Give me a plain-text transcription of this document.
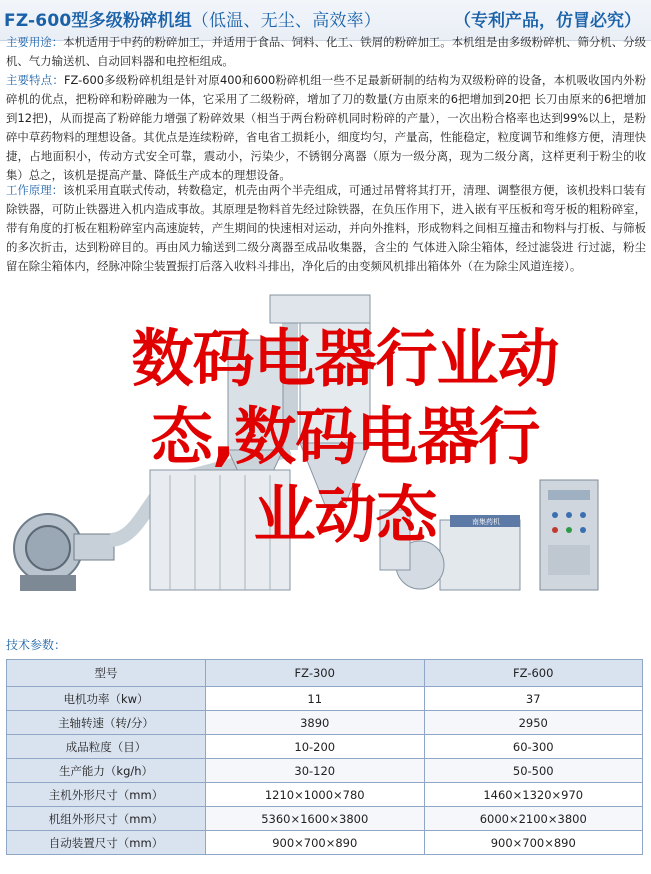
FZ-600型多级粉碎机组（低温、无尘、高效率）	（专利产品，仿冒必究）
主要用途：本机适用于中药的粉碎加工，并适用于食品、饲料、化工、铁屑的粉碎加工。本机组是由多级粉碎机、筛分机、分级机、气力输送机、自动回料器和电控柜组成。
主要特点：FZ-600多级粉碎机组是针对原400和600粉碎机组一些不足最新研制的结构为双级粉碎的设备，本机吸收国内外粉碎机的优点，把粉碎和粉碎融为一体，它采用了二级粉碎，增加了刀的数量(方由原来的6把增加到20把 长刀由原来的6把增加到12把)，从而提高了粉碎能力增强了粉碎效果（相当于两台粉碎机同时粉碎的产量），一次出粉合格率也达到99%以上，是粉碎中草药物料的理想设备。其优点是连续粉碎，省电省工损耗小，细度均匀，产量高，性能稳定，粒度调节和维修方便，清理快捷，占地面积小，传动方式安全可靠，震动小，污染少，不锈钢分离器（原为一级分离，现为二级分离，这样更利于粉尘的收集）总之，该机是提高产量、降低生产成本的理想设备。
工作原理：该机采用直联式传动，转数稳定，机壳由两个半壳组成，可通过吊臂将其打开，清理、调整很方便，该机投料口装有除铁器，可防止铁器进入机内造成事故。其原理是物料首先经过除铁器，在负压作用下，进入嵌有平压板和弯牙板的粗粉碎室，带有角度的打板在粗粉碎室内高速旋转，产生期间的快速相对运动，并向外推料，形成物料之间相互撞击和物料与打板、与筛板的多次折击，达到粉碎目的。再由风力输送到二级分离器至成品收集器，含尘的 气体进入除尘箱体，经过滤袋进 行过滤，粉尘留在除尘箱体内，经脉冲除尘装置振打后落入收料斗排出，净化后的由变频风机排出箱体外（在为除尘风道连接）。
南集药机
数码电器行业动
态,数码电器行
业动态
技术参数：
型号	FZ-300	FZ-600
电机功率（kw）	11	37
主轴转速（转/分）	3890	2950
成品粒度（目）	10-200	60-300
生产能力（kg/h）	30-120	50-500
主机外形尺寸（mm）	1210×1000×780	1460×1320×970
机组外形尺寸（mm）	5360×1600×3800	6000×2100×3800
自动装置尺寸（mm）	900×700×890	900×700×890
